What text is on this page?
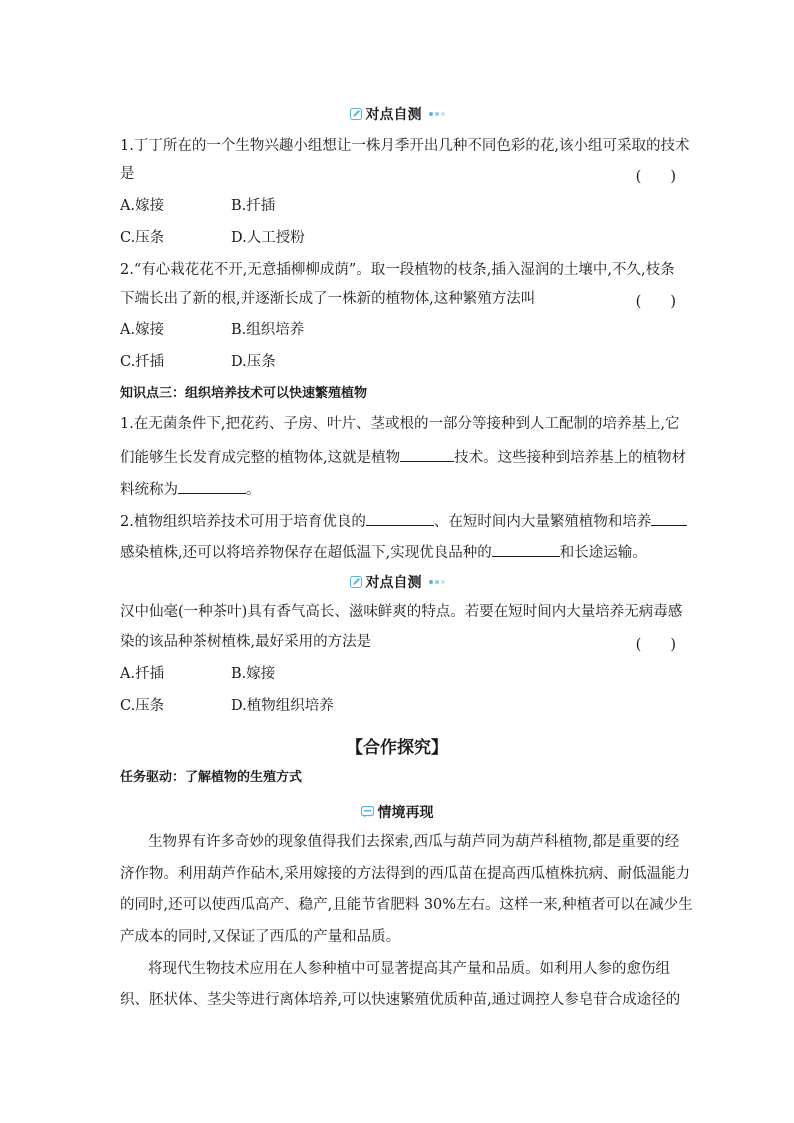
对点自测
1.丁丁所在的一个生物兴趣小组想让一株月季开出几种不同色彩的花,该小组可采取的技术
是	(　　)
A.嫁接	B.扦插
C.压条	D.人工授粉
2.“有心栽花花不开,无意插柳柳成荫”。取一段植物的枝条,插入湿润的土壤中,不久,枝条
下端长出了新的根,并逐渐长成了一株新的植物体,这种繁殖方法叫	(　　)
A.嫁接	B.组织培养
C.扦插	D.压条
知识点三：组织培养技术可以快速繁殖植物
1.在无菌条件下,把花药、子房、叶片、茎或根的一部分等接种到人工配制的培养基上,它
们能够生长发育成完整的植物体,这就是植物	技术。这些接种到培养基上的植物材
料统称为	。
2.植物组织培养技术可用于培育优良的	、在短时间内大量繁殖植物和培养
感染植株,还可以将培养物保存在超低温下,实现优良品种的	和长途运输。
对点自测
汉中仙毫(一种茶叶)具有香气高长、滋味鲜爽的特点。若要在短时间内大量培养无病毒感
染的该品种茶树植株,最好采用的方法是	(　　)
A.扦插	B.嫁接
C.压条	D.植物组织培养
【合作探究】
任务驱动：了解植物的生殖方式
情境再现
生物界有许多奇妙的现象值得我们去探索,西瓜与葫芦同为葫芦科植物,都是重要的经
济作物。利用葫芦作砧木,采用嫁接的方法得到的西瓜苗在提高西瓜植株抗病、耐低温能力
的同时,还可以使西瓜高产、稳产,且能节省肥料 30%左右。这样一来,种植者可以在减少生
产成本的同时,又保证了西瓜的产量和品质。
将现代生物技术应用在人参种植中可显著提高其产量和品质。如利用人参的愈伤组
织、胚状体、茎尖等进行离体培养,可以快速繁殖优质种苗,通过调控人参皂苷合成途径的
